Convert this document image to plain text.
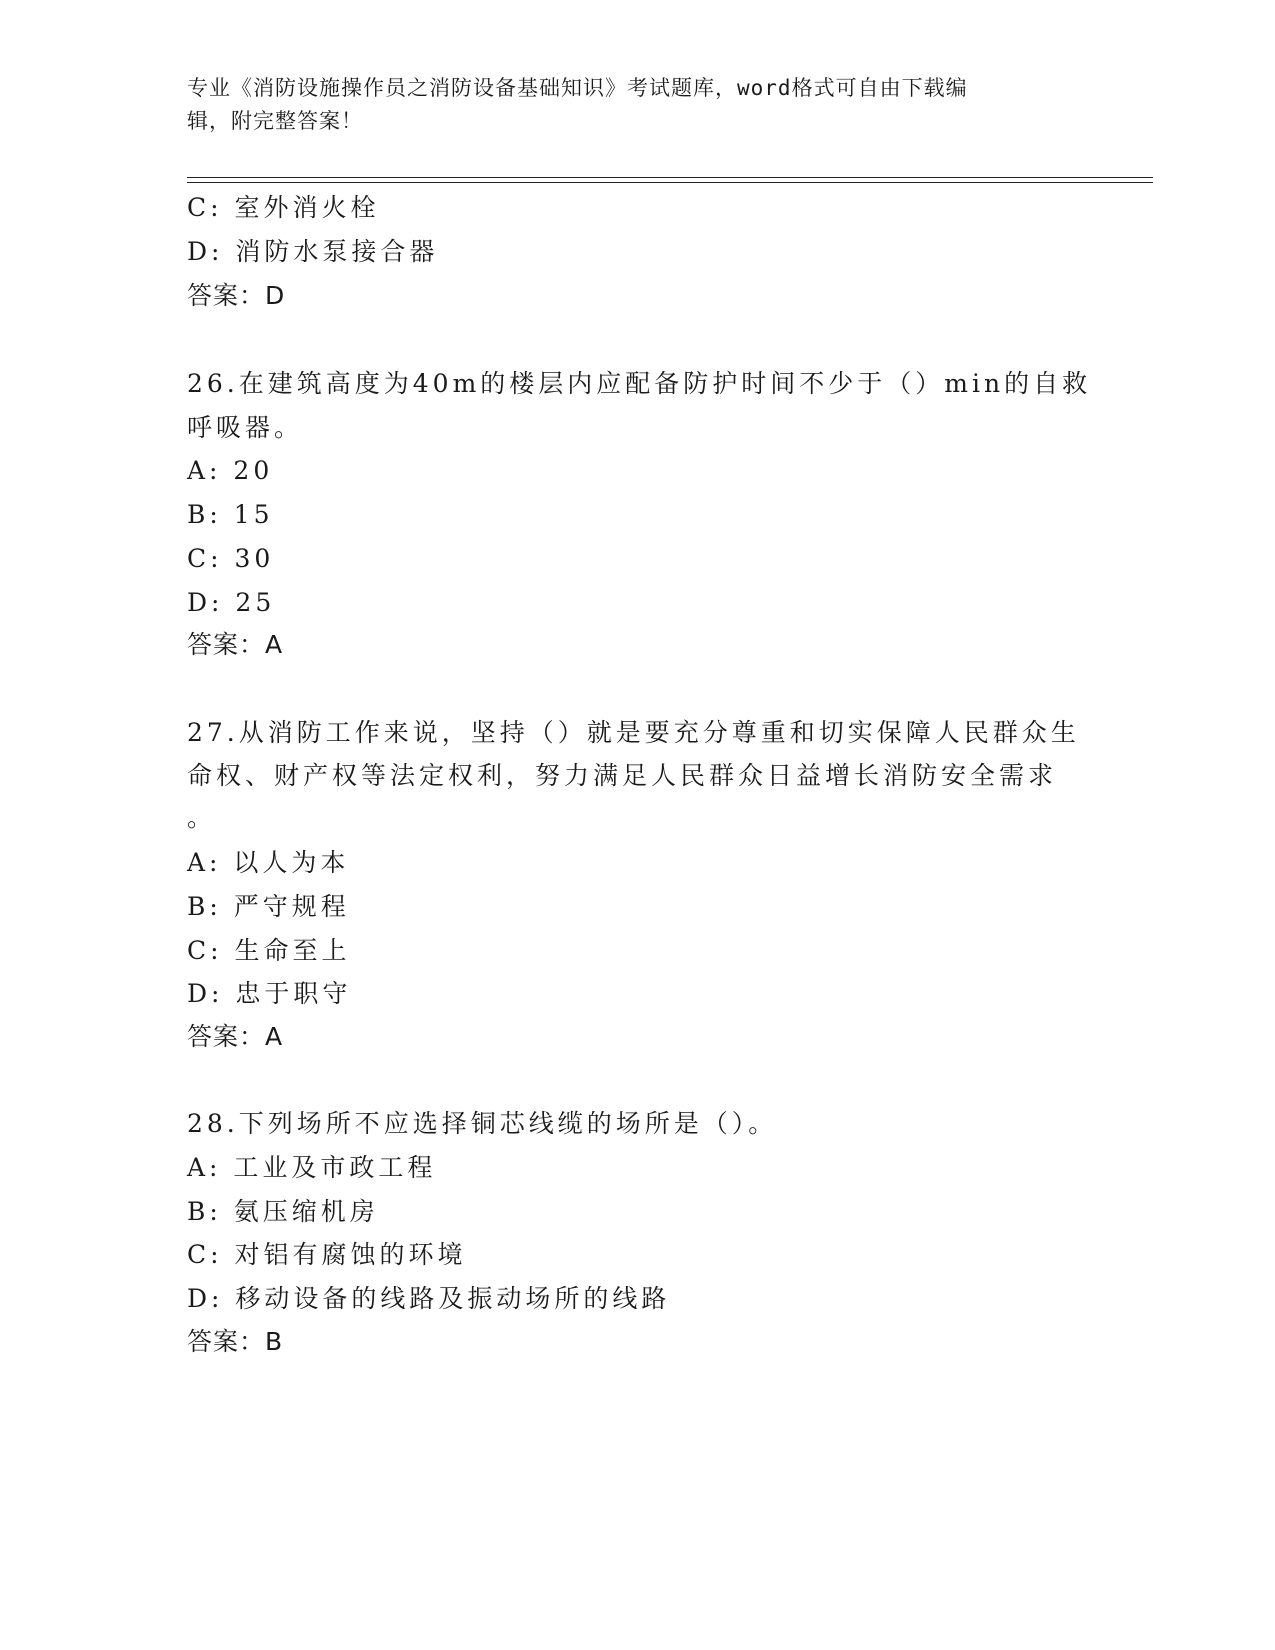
专业《消防设施操作员之消防设备基础知识》考试题库，word格式可自由下载编
辑，附完整答案！
C: 室外消火栓
D: 消防水泵接合器
答案：D
26.在建筑高度为40m的楼层内应配备防护时间不少于（）min的自救
呼吸器。
A: 20
B: 15
C: 30
D: 25
答案：A
27.从消防工作来说，坚持（）就是要充分尊重和切实保障人民群众生
命权、财产权等法定权利，努力满足人民群众日益增长消防安全需求
。
A: 以人为本
B: 严守规程
C: 生命至上
D: 忠于职守
答案：A
28.下列场所不应选择铜芯线缆的场所是（）。
A: 工业及市政工程
B: 氨压缩机房
C: 对铝有腐蚀的环境
D: 移动设备的线路及振动场所的线路
答案：B
